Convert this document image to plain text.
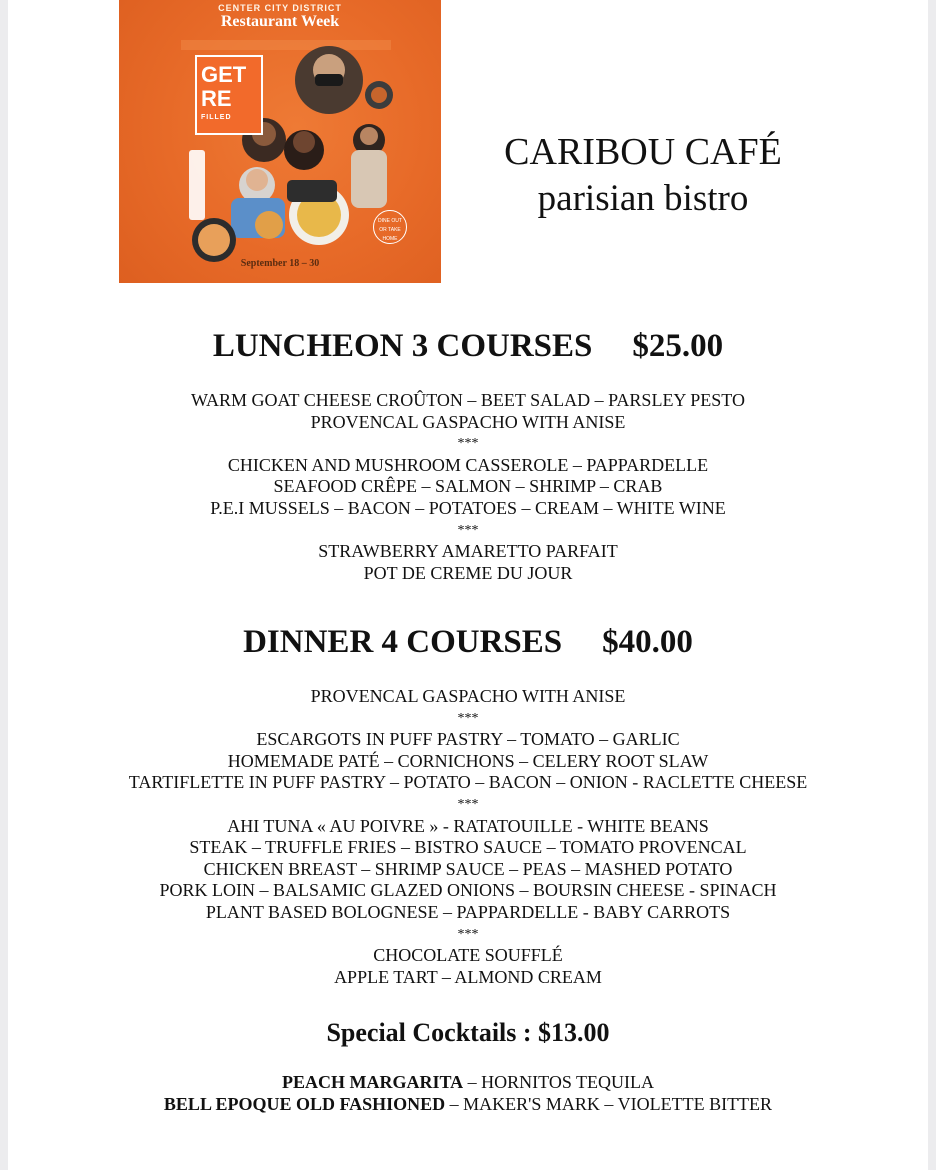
CENTER CITY DISTRICT
Restaurant Week
GET
RE
FILLED
DINE OUT OR TAKE HOME
September 18 – 30
CARIBOU CAFÉ
parisian bistro
LUNCHEON 3 COURSES $25.00
WARM GOAT CHEESE CROÛTON – BEET SALAD – PARSLEY PESTO
PROVENCAL GASPACHO WITH ANISE
***
CHICKEN AND MUSHROOM CASSEROLE – PAPPARDELLE
SEAFOOD CRÊPE – SALMON – SHRIMP – CRAB
P.E.I MUSSELS – BACON – POTATOES – CREAM – WHITE WINE
***
STRAWBERRY AMARETTO PARFAIT
POT DE CREME DU JOUR
DINNER 4 COURSES $40.00
PROVENCAL GASPACHO WITH ANISE
***
ESCARGOTS IN PUFF PASTRY – TOMATO – GARLIC
HOMEMADE PATÉ – CORNICHONS – CELERY ROOT SLAW
TARTIFLETTE IN PUFF PASTRY – POTATO – BACON – ONION - RACLETTE CHEESE
***
AHI TUNA « AU POIVRE » - RATATOUILLE - WHITE BEANS
STEAK – TRUFFLE FRIES – BISTRO SAUCE – TOMATO PROVENCAL
CHICKEN BREAST – SHRIMP SAUCE – PEAS – MASHED POTATO
PORK LOIN – BALSAMIC GLAZED ONIONS – BOURSIN CHEESE - SPINACH
PLANT BASED BOLOGNESE – PAPPARDELLE - BABY CARROTS
***
CHOCOLATE SOUFFLÉ
APPLE TART – ALMOND CREAM
Special Cocktails : $13.00
PEACH MARGARITA – HORNITOS TEQUILA
BELL EPOQUE OLD FASHIONED – MAKER'S MARK – VIOLETTE BITTER
